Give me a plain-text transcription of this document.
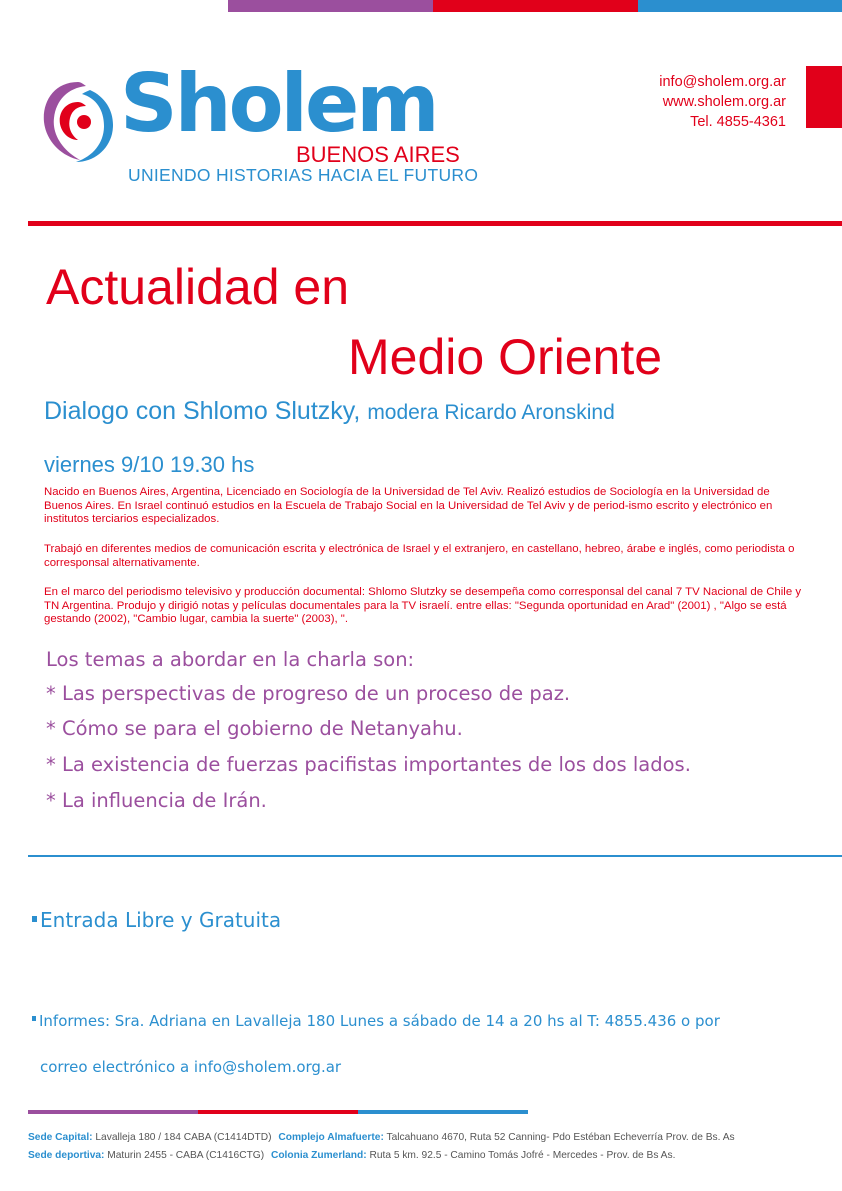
Sholem
BUENOS AIRES
UNIENDO HISTORIAS HACIA EL FUTURO
info@sholem.org.ar
www.sholem.org.ar
Tel. 4855-4361
Actualidad en
Medio Oriente
Dialogo con Shlomo Slutzky, modera Ricardo Aronskind
viernes 9/10 19.30 hs
Nacido en Buenos Aires, Argentina, Licenciado en Sociología de la Universidad de Tel Aviv. Realizó estudios de Sociología en la Universidad de Buenos Aires. En Israel continuó estudios en la Escuela de Trabajo Social en la Universidad de Tel Aviv y de period-ismo escrito y electrónico en institutos terciarios especializados.
Trabajó en diferentes medios de comunicación escrita y electrónica de Israel y el extranjero, en castellano, hebreo, árabe e inglés, como periodista o corresponsal alternativamente.
En el marco del periodismo televisivo y producción documental: Shlomo Slutzky se desempeña como corresponsal del canal 7 TV Nacional de Chile y TN Argentina. Produjo y dirigió notas y películas documentales para la TV israelí. entre ellas: "Segunda oportunidad en Arad" (2001) , "Algo se está gestando (2002), "Cambio lugar, cambia la suerte" (2003), ".
Los temas a abordar en la charla son:
* Las perspectivas de progreso de un proceso de paz.
* Cómo se para el gobierno de Netanyahu.
* La existencia de fuerzas pacifistas importantes de los dos lados.
* La influencia de Irán.
Entrada Libre y Gratuita
Informes: Sra. Adriana en Lavalleja 180 Lunes a sábado de 14 a 20 hs al T: 4855.436 o por
correo electrónico a info@sholem.org.ar
Sede Capital: Lavalleja 180 / 184 CABA (C1414DTD) Complejo Almafuerte: Talcahuano 4670, Ruta 52 Canning- Pdo Estéban Echeverría Prov. de Bs. As
Sede deportiva: Maturin 2455 - CABA (C1416CTG) Colonia Zumerland: Ruta 5 km. 92.5 - Camino Tomás Jofré - Mercedes - Prov. de Bs As.
